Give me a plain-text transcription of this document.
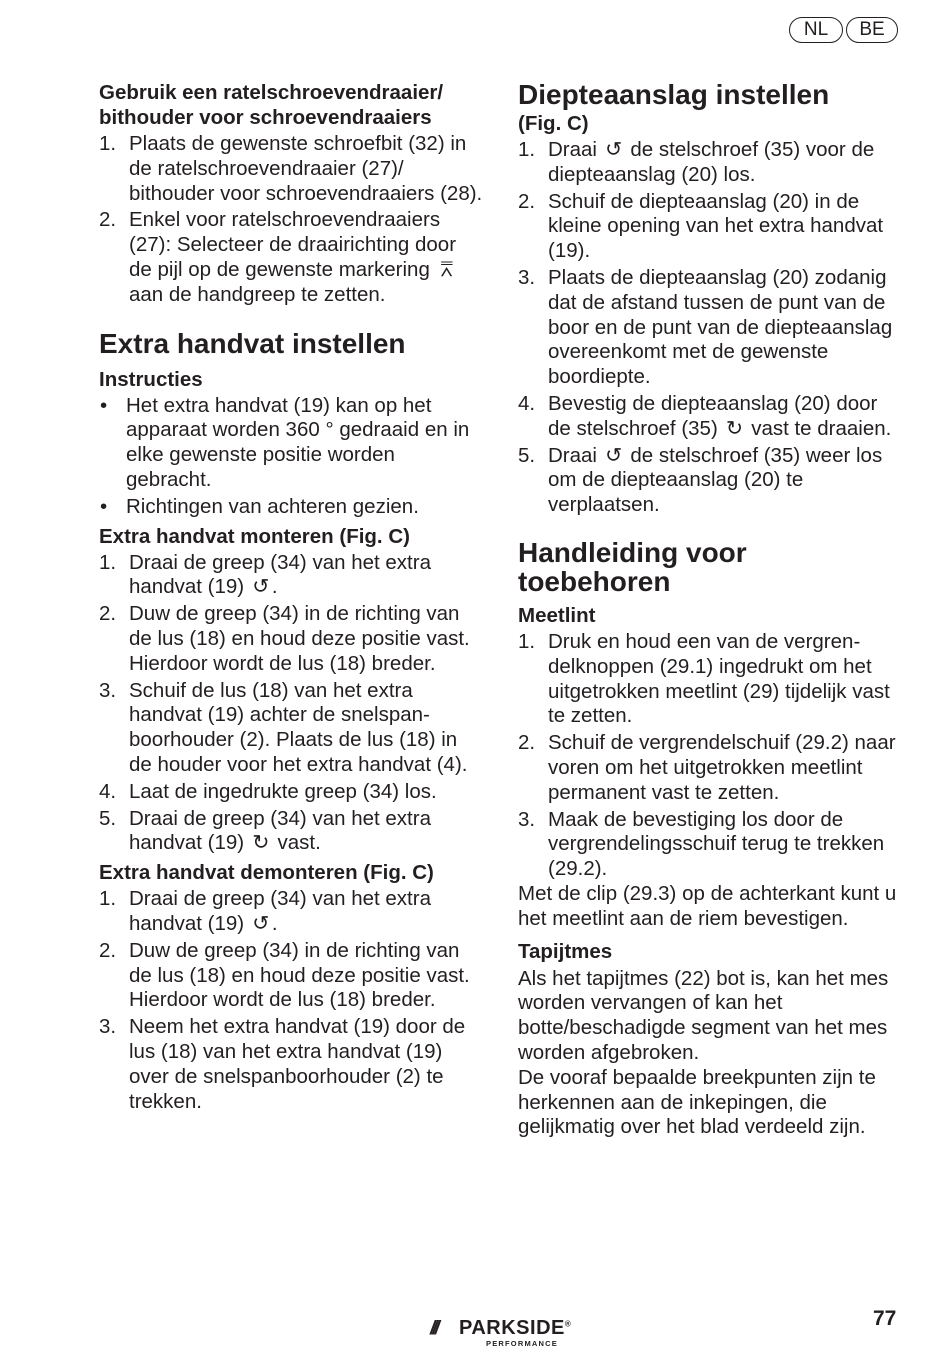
NL	BE
Gebruik een ratelschroevendraaier/
bithouder voor schroevendraaiers
1. Plaats de gewenste schroefbit (32) in de ratelschroevendraaier (27)/ bithouder voor schroevendraaiers (28).
2. Enkel voor ratelschroevendraaiers (27): Selecteer de draairichting door de pijl op de gewenste markering ⩞ aan de handgreep te zetten.
Extra handvat instellen
Instructies
• Het extra handvat (19) kan op het apparaat worden 360 ° gedraaid en in elke gewenste positie worden gebracht.
• Richtingen van achteren gezien.
Extra handvat monteren (Fig. C)
1. Draai de greep (34) van het extra handvat (19) ↺ .
2. Duw de greep (34) in de richting van de lus (18) en houd deze positie vast. Hierdoor wordt de lus (18) breder.
3. Schuif de lus (18) van het extra handvat (19) achter de snelspanboorhouder (2). Plaats de lus (18) in de houder voor het extra handvat (4).
4. Laat de ingedrukte greep (34) los.
5. Draai de greep (34) van het extra handvat (19) ↻ vast.
Extra handvat demonteren (Fig. C)
1. Draai de greep (34) van het extra handvat (19) ↺ .
2. Duw de greep (34) in de richting van de lus (18) en houd deze positie vast. Hierdoor wordt de lus (18) breder.
3. Neem het extra handvat (19) door de lus (18) van het extra handvat (19) over de snelspanboorhouder (2) te trekken.
Diepteaanslag instellen
(Fig. C)
1. Draai ↺ de stelschroef (35) voor de diepteaanslag (20) los.
2. Schuif de diepteaanslag (20) in de kleine opening van het extra handvat (19).
3. Plaats de diepteaanslag (20) zodanig dat de afstand tussen de punt van de boor en de punt van de diepteaanslag overeenkomt met de gewenste boordiepte.
4. Bevestig de diepteaanslag (20) door de stelschroef (35) ↻ vast te draaien.
5. Draai ↺ de stelschroef (35) weer los om de diepteaanslag (20) te verplaatsen.
Handleiding voor
toebehoren
Meetlint
1. Druk en houd een van de vergrendelknoppen (29.1) ingedrukt om het uitgetrokken meetlint (29) tijdelijk vast te zetten.
2. Schuif de vergrendelschuif (29.2) naar voren om het uitgetrokken meetlint permanent vast te zetten.
3. Maak de bevestiging los door de vergrendelingsschuif terug te trekken (29.2).

Met de clip (29.3) op de achterkant kunt u het meetlint aan de riem bevestigen.

Tapijtmes

Als het tapijtmes (22) bot is, kan het mes worden vervangen of kan het botte/beschadigde segment van het mes worden afgebroken.

De vooraf bepaalde breekpunten zijn te herkennen aan de inkepingen, die gelijkmatig over het blad verdeeld zijn.

/// PARKSIDE®
PERFORMANCE
77
